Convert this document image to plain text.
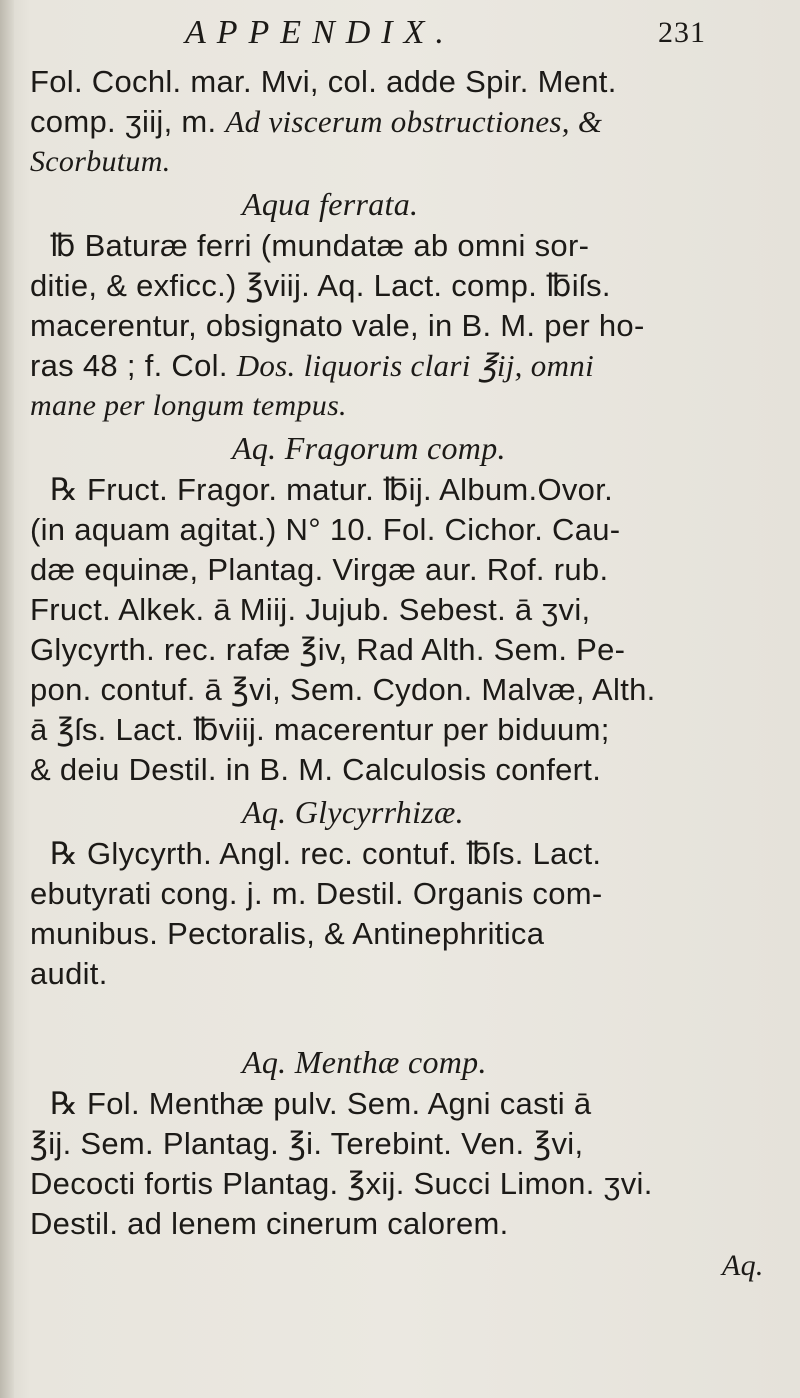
APPENDIX.	231
Fol. Cochl. mar. Mvi, col. adde Spir. Ment.
comp. ʒiij, m. Ad viscerum obstructiones, &
Scorbutum.
Aqua ferrata.
℔ Baturæ ferri (mundatæ ab omni sor-
ditie, & exficc.) ℥viij. Aq. Lact. comp. ℔iſs.
macerentur, obsignato vale, in B. M. per ho-
ras 48 ; f. Col. Dos. liquoris clari ℥ij, omni
mane per longum tempus.
Aq. Fragorum comp.
℞ Fruct. Fragor. matur. ℔ij. Album.Ovor.
(in aquam agitat.) N° 10. Fol. Cichor. Cau-
dæ equinæ, Plantag. Virgæ aur. Rof. rub.
Fruct. Alkek. ā Miij. Jujub. Sebest. ā ʒvi,
Glycyrth. rec. rafæ ℥iv, Rad Alth. Sem. Pe-
pon. contuf. ā ℥vi, Sem. Cydon. Malvæ, Alth.
ā ℥ſs. Lact. ℔viij. macerentur per biduum;
& deiu Destil. in B. M. Calculosis confert.
Aq. Glycyrrhizæ.
℞ Glycyrth. Angl. rec. contuf. ℔ſs. Lact.
ebutyrati cong. j. m. Destil. Organis com-
munibus. Pectoralis, & Antinephritica
audit.
Aq. Menthæ comp.
℞ Fol. Menthæ pulv. Sem. Agni casti ā
℥ij. Sem. Plantag. ℥i. Terebint. Ven. ℥vi,
Decocti fortis Plantag. ℥xij. Succi Limon. ʒvi.
Destil. ad lenem cinerum calorem.
Aq.
